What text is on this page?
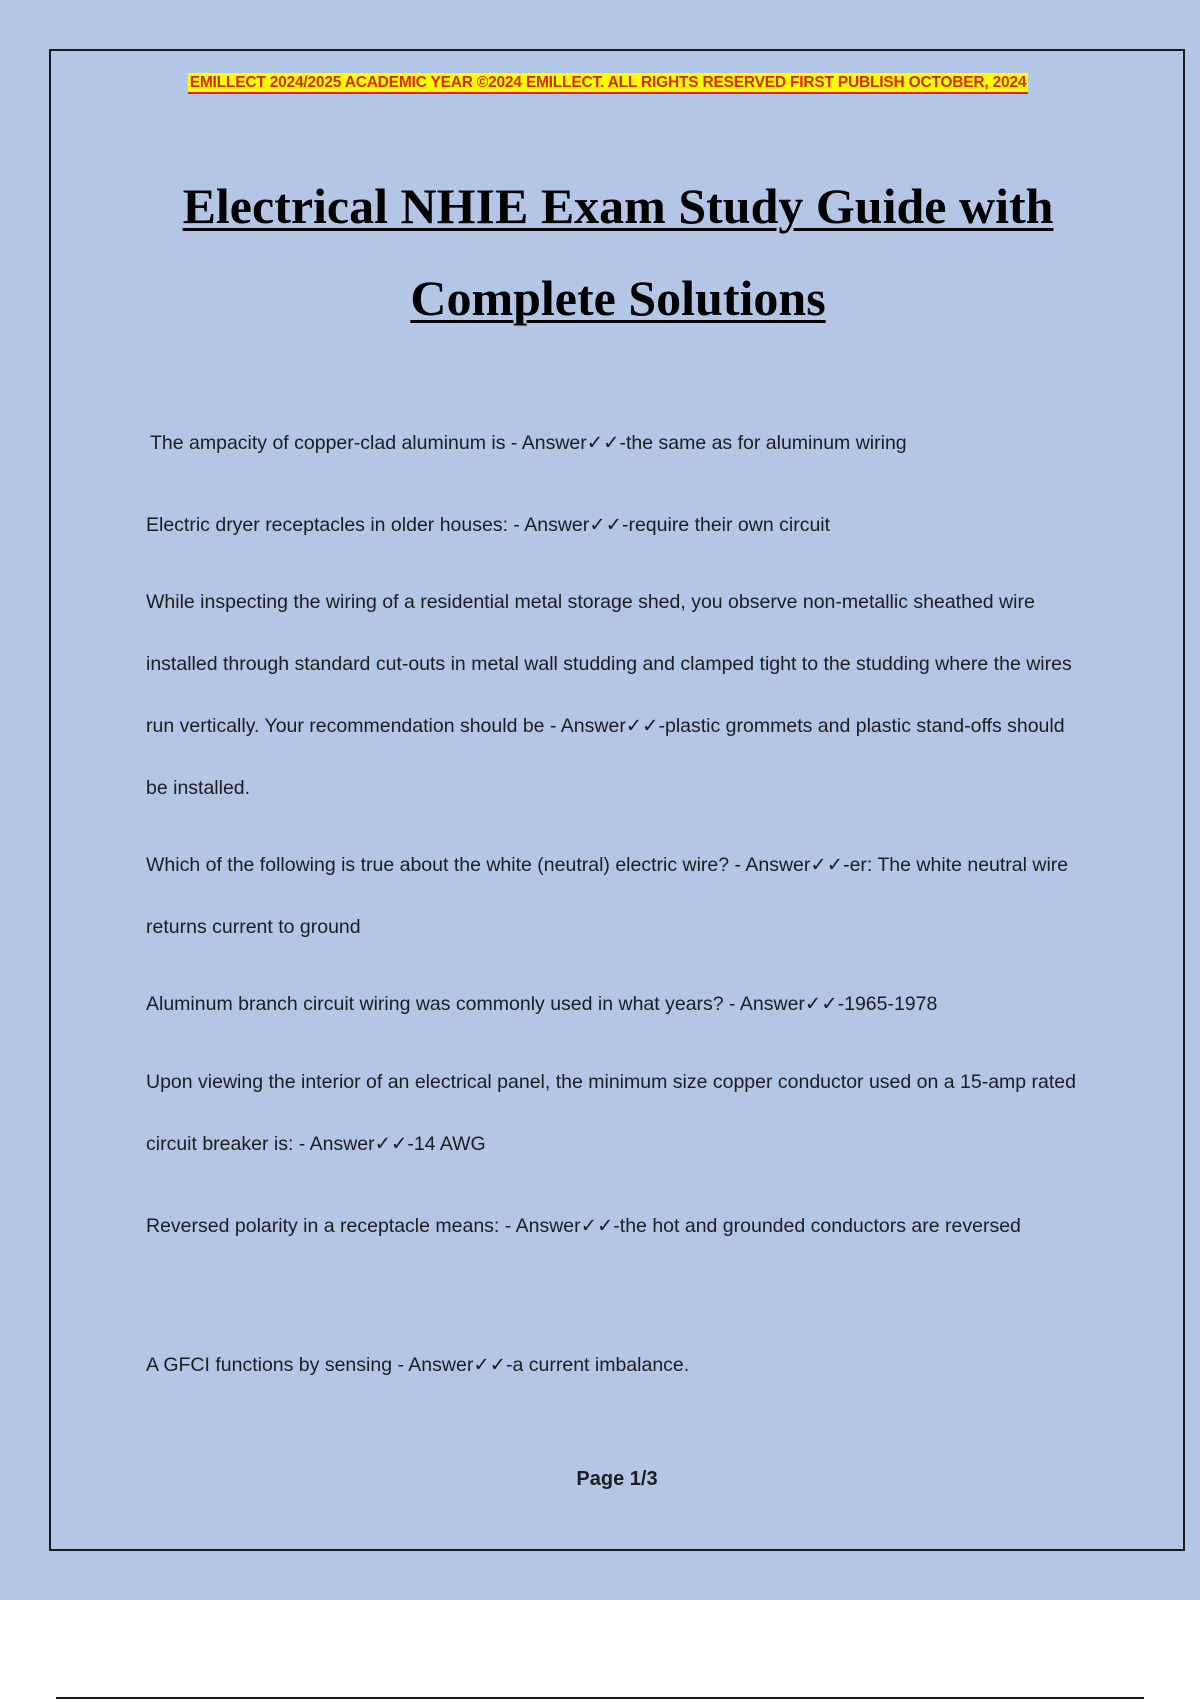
EMILLECT 2024/2025 ACADEMIC YEAR ©2024 EMILLECT. ALL RIGHTS RESERVED FIRST PUBLISH OCTOBER, 2024
Electrical NHIE Exam Study Guide with
Complete Solutions
The ampacity of copper-clad aluminum is - Answer✓✓-the same as for aluminum wiring
Electric dryer receptacles in older houses: - Answer✓✓-require their own circuit
While inspecting the wiring of a residential metal storage shed, you observe non-metallic sheathed wire installed through standard cut-outs in metal wall studding and clamped tight to the studding where the wires run vertically. Your recommendation should be - Answer✓✓-plastic grommets and plastic stand-offs should be installed.
Which of the following is true about the white (neutral) electric wire? - Answer✓✓-er: The white neutral wire returns current to ground
Aluminum branch circuit wiring was commonly used in what years? - Answer✓✓-1965-1978
Upon viewing the interior of an electrical panel, the minimum size copper conductor used on a 15-amp rated circuit breaker is: - Answer✓✓-14 AWG
Reversed polarity in a receptacle means: - Answer✓✓-the hot and grounded conductors are reversed
A GFCI functions by sensing - Answer✓✓-a current imbalance.
Page 1/3
